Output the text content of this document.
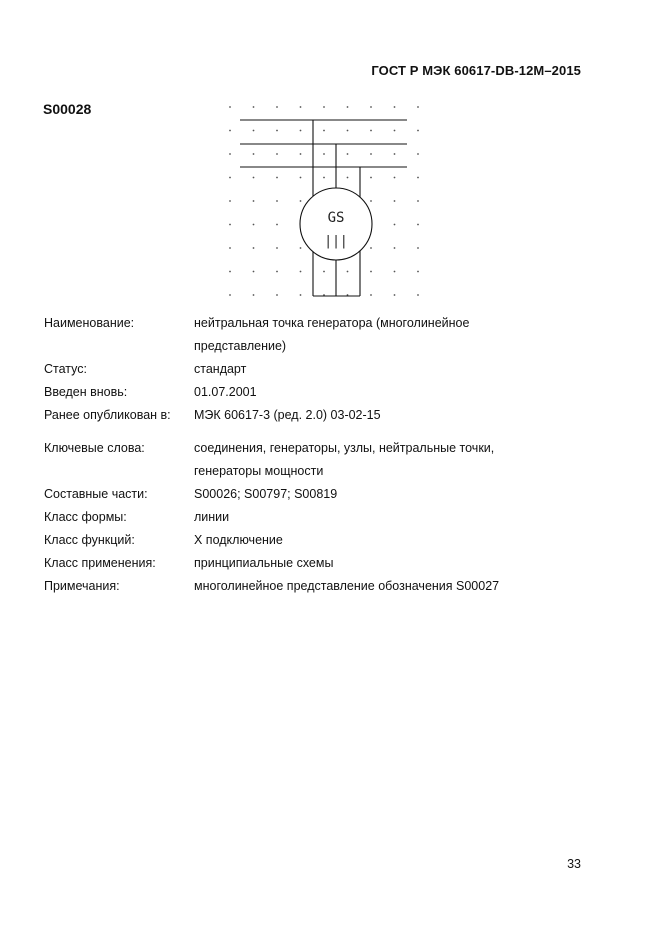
ГОСТ Р МЭК 60617-DB-12M–2015
S00028
GS
|||
Наименование:	нейтральная точка генератора (многолинейное
представление)
Статус:	стандарт
Введен вновь:	01.07.2001
Ранее опубликован в: МЭК 60617-3 (ред. 2.0) 03-02-15
Ключевые слова:	соединения, генераторы, узлы, нейтральные точки,
генераторы мощности
Составные части:	S00026; S00797; S00819
Класс формы:	линии
Класс функций:	X подключение
Класс применения:	принципиальные схемы
Примечания:	многолинейное представление обозначения S00027
33
